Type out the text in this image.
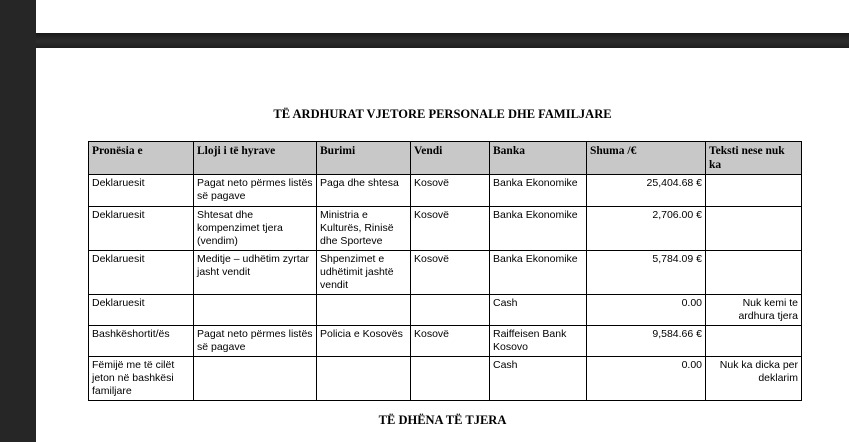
TË ARDHURAT VJETORE PERSONALE DHE FAMILJARE
Pronësia e	Lloji i të hyrave	Burimi	Vendi	Banka	Shuma /€	Teksti nese nuk ka
Deklaruesit	Pagat neto përmes listës së pagave	Paga dhe shtesa	Kosovë	Banka Ekonomike	25,404.68 €	
Deklaruesit	Shtesat dhe kompenzimet tjera (vendim)	Ministria e Kulturës, Rinisë dhe Sporteve	Kosovë	Banka Ekonomike	2,706.00 €	
Deklaruesit	Meditje – udhëtim zyrtar jasht vendit	Shpenzimet e udhëtimit jashtë vendit	Kosovë	Banka Ekonomike	5,784.09 €	
Deklaruesit				Cash	0.00	Nuk kemi te ardhura tjera
Bashkëshortit/ës	Pagat neto përmes listës së pagave	Policia e Kosovës	Kosovë	Raiffeisen Bank Kosovo	9,584.66 €	
Fëmijë me të cilët jeton në bashkësi familjare				Cash	0.00	Nuk ka dicka per deklarim
TË DHËNA TË TJERA
